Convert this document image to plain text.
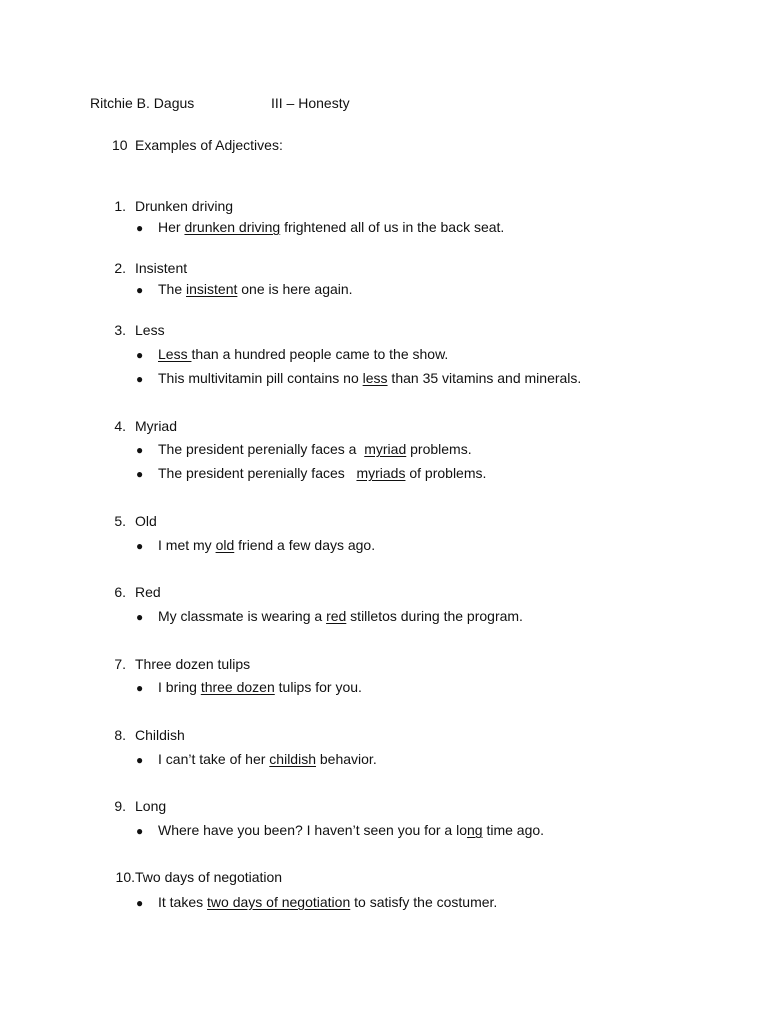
Ritchie B. Dagus	III – Honesty
10 Examples of Adjectives:
1. Drunken driving
● Her drunken driving frightened all of us in the back seat.
2. Insistent
● The insistent one is here again.
3. Less
● Less than a hundred people came to the show.
● This multivitamin pill contains no less than 35 vitamins and minerals.
4. Myriad
● The president perenially faces a  myriad problems.
● The president perenially faces   myriads of problems.
5. Old
● I met my old friend a few days ago.
6. Red
● My classmate is wearing a red stilletos during the program.
7. Three dozen tulips
● I bring three dozen tulips for you.
8. Childish
● I can’t take of her childish behavior.
9. Long
● Where have you been? I haven’t seen you for a long time ago.
10. Two days of negotiation
● It takes two days of negotiation to satisfy the costumer.
